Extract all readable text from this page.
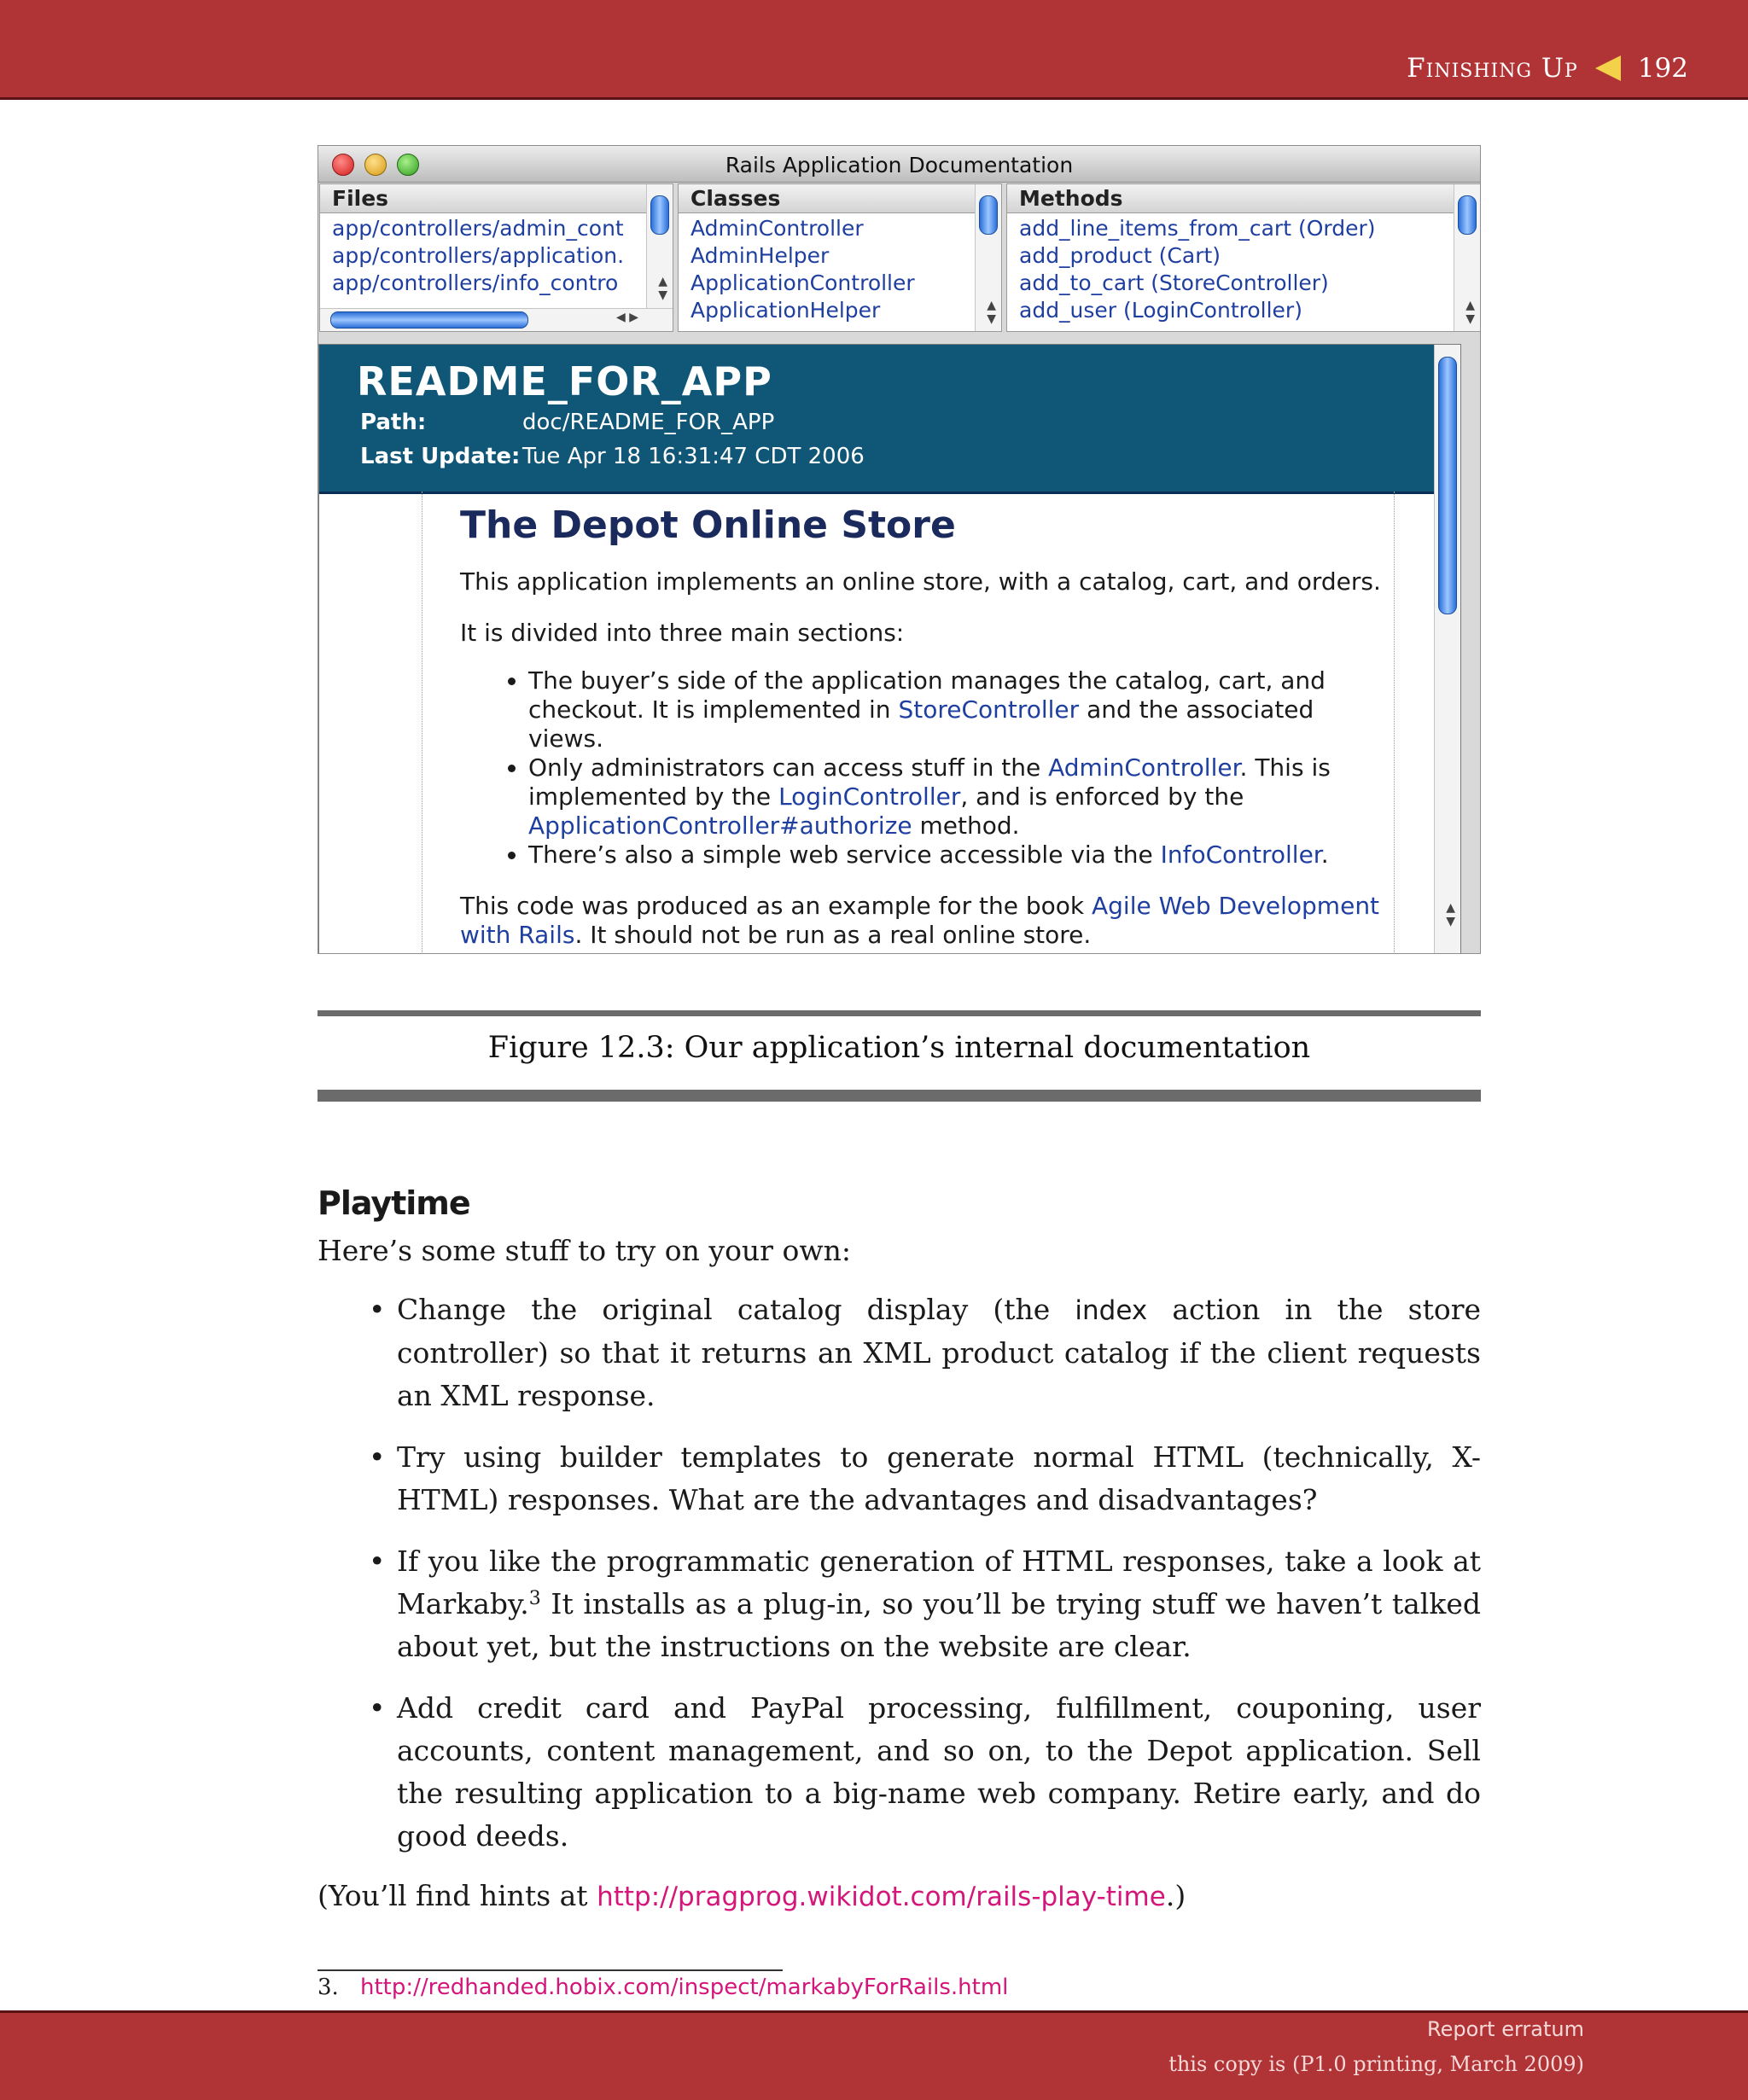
Finishing Up 192
Rails Application Documentation
Files
app/controllers/admin_cont
app/controllers/application.
app/controllers/info_contro	▲
▼
◀ ▶
Classes
AdminController
AdminHelper
ApplicationController
ApplicationHelper	▲
▼
Methods
add_line_items_from_cart (Order)
add_product (Cart)
add_to_cart (StoreController)
add_user (LoginController)	▲
▼
README_FOR_APP
Path:	doc/README_FOR_APP
Last Update:Tue Apr 18 16:31:47 CDT 2006
The Depot Online Store

This application implements an online store, with a catalog, cart, and orders.

It is divided into three main sections:

• The buyer’s side of the application manages the catalog, cart, and checkout. It is implemented in StoreController and the associated views.
• Only administrators can access stuff in the AdminController. This is implemented by the LoginController, and is enforced by the ApplicationController#authorize method.
• There’s also a simple web service accessible via the InfoController.

This code was produced as an example for the book Agile Web Development with Rails. It should not be run as a real online store.

▲
▼
Figure 12.3: Our application’s internal documentation
Playtime
Here’s some stuff to try on your own:
• Change the original catalog display (the index action in the store controller) so that it returns an XML product catalog if the client requests an XML response.
• Try using builder templates to generate normal HTML (technically, X-HTML) responses. What are the advantages and disadvantages?
• If you like the programmatic generation of HTML responses, take a look at Markaby.$^3$ It installs as a plug-in, so you’ll be trying stuff we haven’t talked about yet, but the instructions on the website are clear.
• Add credit card and PayPal processing, fulfillment, couponing, user accounts, content management, and so on, to the Depot application. Sell the resulting application to a big-name web company. Retire early, and do good deeds.
(You’ll find hints at http://pragprog.wikidot.com/rails-play-time.)
3. http://redhanded.hobix.com/inspect/markabyForRails.html
Report erratum
this copy is (P1.0 printing, March 2009)
